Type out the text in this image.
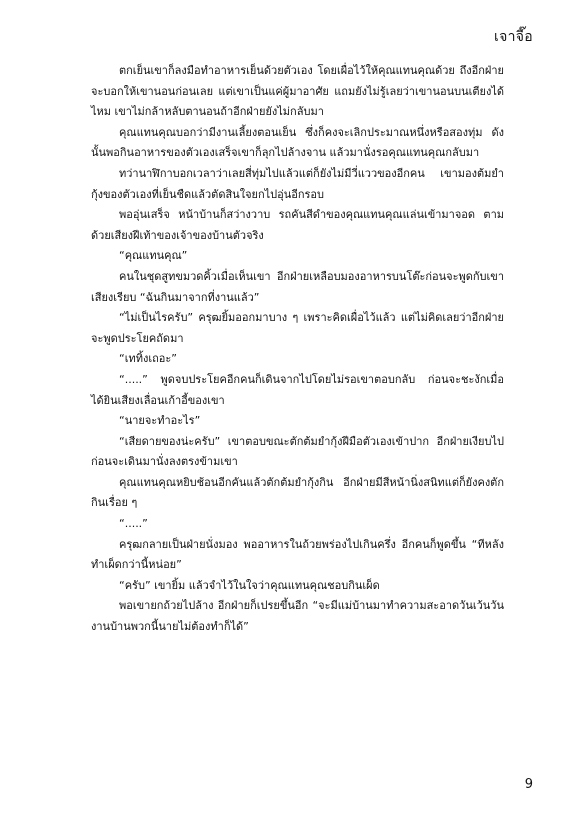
เจาจี๊อ

ตกเย็นเขาก็ลงมือทำอาหารเย็นด้วยตัวเอง โดยเผื่อไว้ให้คุณแทนคุณด้วย ถึงอีกฝ่ายจะบอกให้เขานอนก่อนเลย แต่เขาเป็นแค่ผู้มาอาศัย แถมยังไม่รู้เลยว่าเขานอนบนเตียงได้ไหม เขาไม่กล้าหลับตานอนถ้าอีกฝ่ายยังไม่กลับมา

คุณแทนคุณบอกว่ามีงานเลี้ยงตอนเย็น ซึ่งก็คงจะเลิกประมาณหนึ่งหรือสองทุ่ม ดังนั้นพอกินอาหารของตัวเองเสร็จเขาก็ลุกไปล้างจาน แล้วมานั่งรอคุณแทนคุณกลับมา

ทว่านาฬิกาบอกเวลาว่าเลยสี่ทุ่มไปแล้วแต่ก็ยังไม่มีวี่แววของอีกคน เขามองต้มยำกุ้งของตัวเองที่เย็นชืดแล้วตัดสินใจยกไปอุ่นอีกรอบ

พออุ่นเสร็จ หน้าบ้านก็สว่างวาบ รถคันสีดำของคุณแทนคุณแล่นเข้ามาจอด ตามด้วยเสียงฝีเท้าของเจ้าของบ้านตัวจริง

“คุณแทนคุณ”

คนในชุดสูทขมวดคิ้วเมื่อเห็นเขา อีกฝ่ายเหลือบมองอาหารบนโต๊ะก่อนจะพูดกับเขาเสียงเรียบ “ฉันกินมาจากที่งานแล้ว”

“ไม่เป็นไรครับ” ครุฒยิ้มออกมาบาง ๆ เพราะคิดเผื่อไว้แล้ว แต่ไม่คิดเลยว่าอีกฝ่ายจะพูดประโยคถัดมา

“เททิ้งเถอะ”

“.....” พูดจบประโยคอีกคนก็เดินจากไปโดยไม่รอเขาตอบกลับ ก่อนจะชะงักเมื่อได้ยินเสียงเลื่อนเก้าอี้ของเขา

“นายจะทำอะไร”

“เสียดายของน่ะครับ” เขาตอบขณะตักต้มยำกุ้งฝีมือตัวเองเข้าปาก อีกฝ่ายเงียบไป ก่อนจะเดินมานั่งลงตรงข้ามเขา

คุณแทนคุณหยิบช้อนอีกคันแล้วตักต้มยำกุ้งกิน อีกฝ่ายมีสีหน้านิ่งสนิทแต่ก็ยังคงตักกินเรื่อย ๆ

“.....”

ครุฒกลายเป็นฝ่ายนั่งมอง พออาหารในถ้วยพร่องไปเกินครึ่ง อีกคนก็พูดขึ้น “ทีหลังทำเผ็ดกว่านี้หน่อย”

“ครับ” เขายิ้ม แล้วจำไว้ในใจว่าคุณแทนคุณชอบกินเผ็ด

พอเขายกถ้วยไปล้าง อีกฝ่ายก็เปรยขึ้นอีก “จะมีแม่บ้านมาทำความสะอาดวันเว้นวัน งานบ้านพวกนี้นายไม่ต้องทำก็ได้”

9
